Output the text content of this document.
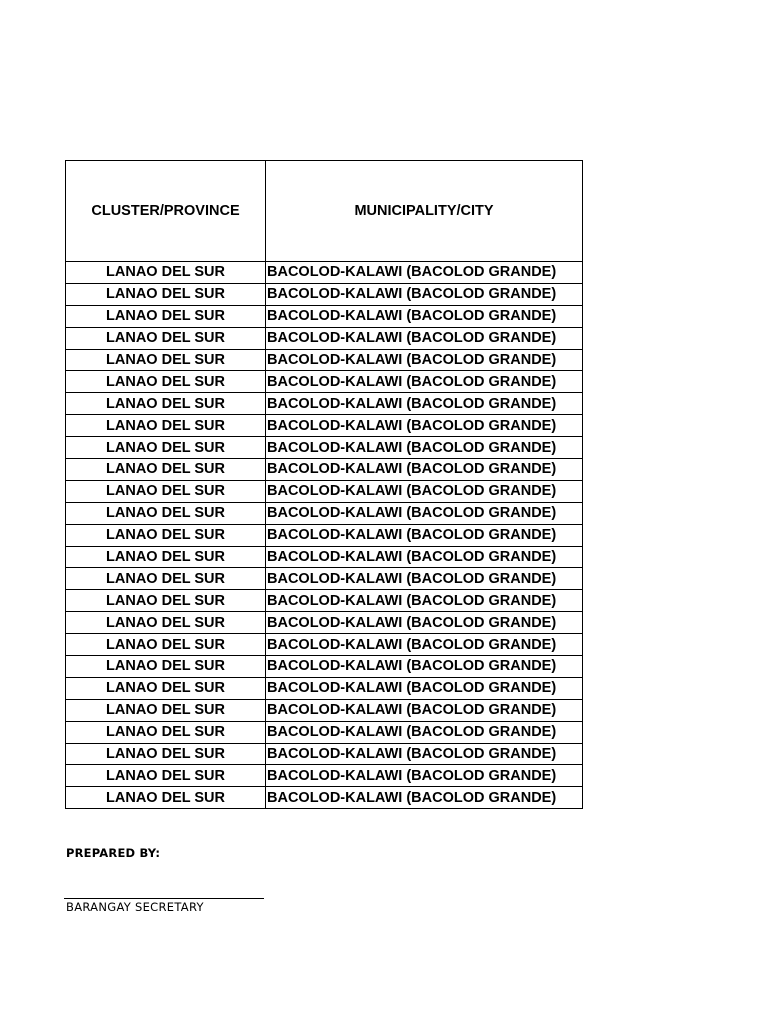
CLUSTER/PROVINCE	MUNICIPALITY/CITY
LANAO DEL SUR	BACOLOD-KALAWI (BACOLOD GRANDE)
LANAO DEL SUR	BACOLOD-KALAWI (BACOLOD GRANDE)
LANAO DEL SUR	BACOLOD-KALAWI (BACOLOD GRANDE)
LANAO DEL SUR	BACOLOD-KALAWI (BACOLOD GRANDE)
LANAO DEL SUR	BACOLOD-KALAWI (BACOLOD GRANDE)
LANAO DEL SUR	BACOLOD-KALAWI (BACOLOD GRANDE)
LANAO DEL SUR	BACOLOD-KALAWI (BACOLOD GRANDE)
LANAO DEL SUR	BACOLOD-KALAWI (BACOLOD GRANDE)
LANAO DEL SUR	BACOLOD-KALAWI (BACOLOD GRANDE)
LANAO DEL SUR	BACOLOD-KALAWI (BACOLOD GRANDE)
LANAO DEL SUR	BACOLOD-KALAWI (BACOLOD GRANDE)
LANAO DEL SUR	BACOLOD-KALAWI (BACOLOD GRANDE)
LANAO DEL SUR	BACOLOD-KALAWI (BACOLOD GRANDE)
LANAO DEL SUR	BACOLOD-KALAWI (BACOLOD GRANDE)
LANAO DEL SUR	BACOLOD-KALAWI (BACOLOD GRANDE)
LANAO DEL SUR	BACOLOD-KALAWI (BACOLOD GRANDE)
LANAO DEL SUR	BACOLOD-KALAWI (BACOLOD GRANDE)
LANAO DEL SUR	BACOLOD-KALAWI (BACOLOD GRANDE)
LANAO DEL SUR	BACOLOD-KALAWI (BACOLOD GRANDE)
LANAO DEL SUR	BACOLOD-KALAWI (BACOLOD GRANDE)
LANAO DEL SUR	BACOLOD-KALAWI (BACOLOD GRANDE)
LANAO DEL SUR	BACOLOD-KALAWI (BACOLOD GRANDE)
LANAO DEL SUR	BACOLOD-KALAWI (BACOLOD GRANDE)
LANAO DEL SUR	BACOLOD-KALAWI (BACOLOD GRANDE)
LANAO DEL SUR	BACOLOD-KALAWI (BACOLOD GRANDE)
PREPARED BY:
BARANGAY SECRETARY
